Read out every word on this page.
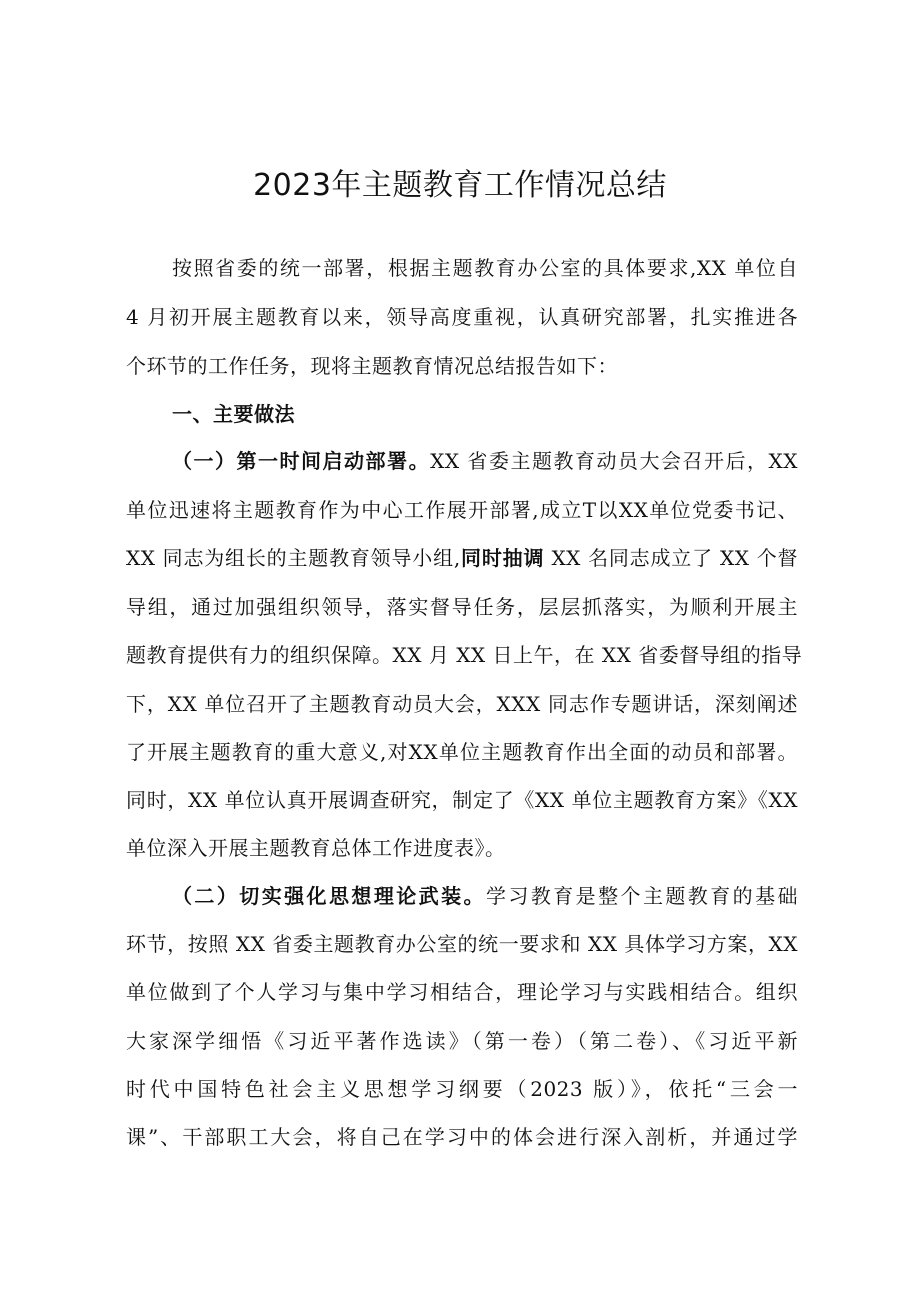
2023年主题教育工作情况总结
按照省委的统一部署，根据主题教育办公室的具体要求,XX 单位自
4 月初开展主题教育以来，领导高度重视，认真研究部署，扎实推进各
个环节的工作任务，现将主题教育情况总结报告如下：
一、主要做法
（一）第一时间启动部署。XX 省委主题教育动员大会召开后，XX
单位迅速将主题教育作为中心工作展开部署,成立T以XX单位党委书记、
XX 同志为组长的主题教育领导小组,同时抽调 XX 名同志成立了 XX 个督
导组，通过加强组织领导，落实督导任务，层层抓落实，为顺利开展主
题教育提供有力的组织保障。XX 月 XX 日上午，在 XX 省委督导组的指导
下，XX 单位召开了主题教育动员大会，XXX 同志作专题讲话，深刻阐述
了开展主题教育的重大意义,对XX单位主题教育作出全面的动员和部署。
同时，XX 单位认真开展调查研究，制定了《XX 单位主题教育方案》《XX
单位深入开展主题教育总体工作进度表》。
（二）切实强化思想理论武装。学习教育是整个主题教育的基础
环节，按照 XX 省委主题教育办公室的统一要求和 XX 具体学习方案，XX
单位做到了个人学习与集中学习相结合，理论学习与实践相结合。组织
大家深学细悟《习近平著作选读》（第一卷）（第二卷）、《习近平新
时代中国特色社会主义思想学习纲要（2023 版）》，依托“三会一
课”、干部职工大会，将自己在学习中的体会进行深入剖析，并通过学
